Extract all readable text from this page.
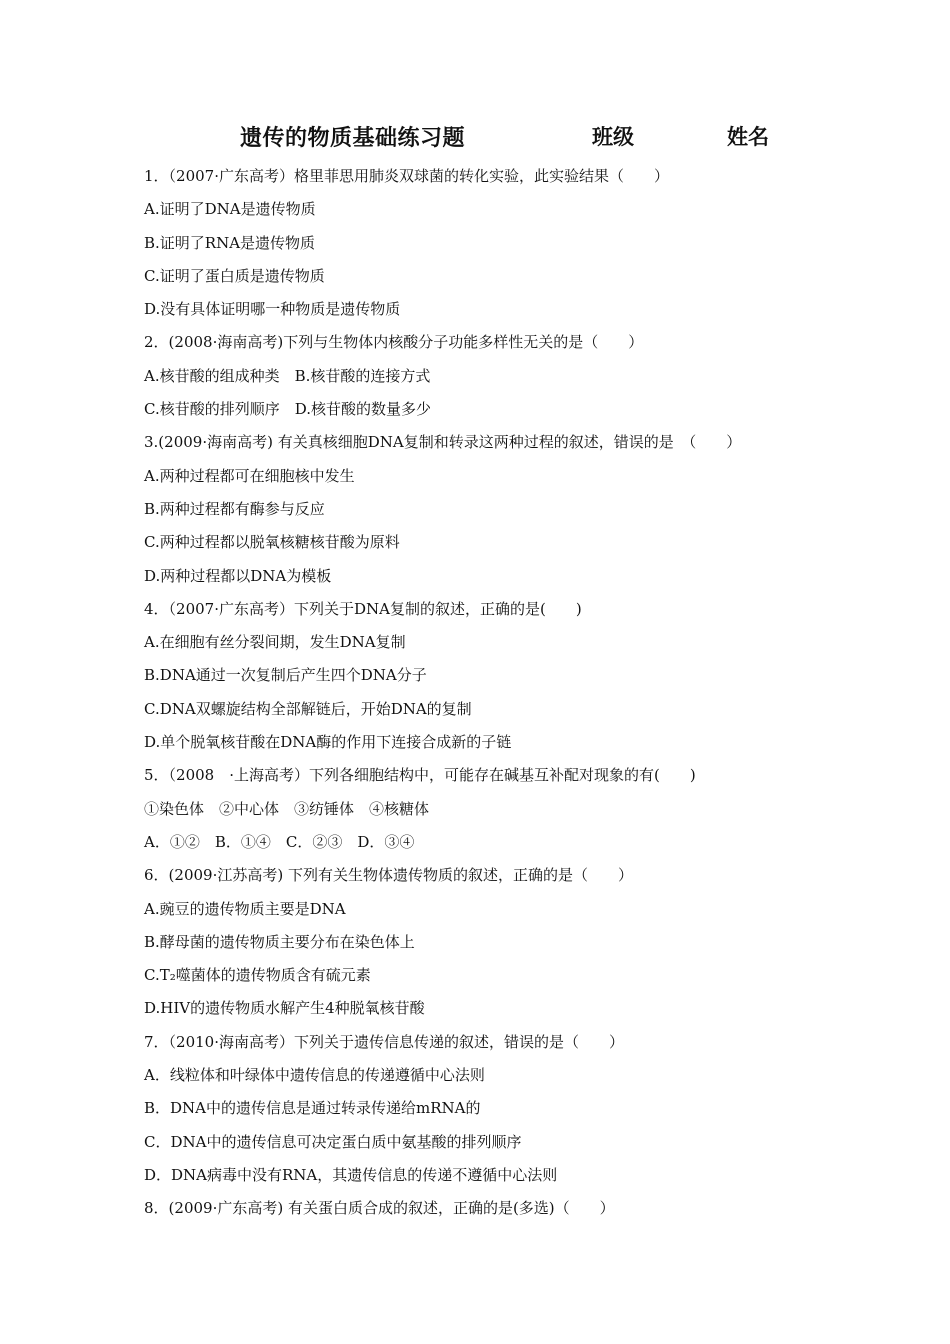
遗传的物质基础练习题	班级	姓名
1．（2007·广东高考）格里菲思用肺炎双球菌的转化实验，此实验结果（　　）
A.证明了DNA是遗传物质
B.证明了RNA是遗传物质
C.证明了蛋白质是遗传物质
D.没有具体证明哪一种物质是遗传物质
2．(2008·海南高考)下列与生物体内核酸分子功能多样性无关的是（　　）
A.核苷酸的组成种类　B.核苷酸的连接方式
C.核苷酸的排列顺序　D.核苷酸的数量多少
3.(2009·海南高考) 有关真核细胞DNA复制和转录这两种过程的叙述，错误的是　（　　）
A.两种过程都可在细胞核中发生
B.两种过程都有酶参与反应
C.两种过程都以脱氧核糖核苷酸为原料
D.两种过程都以DNA为模板
4．（2007·广东高考）下列关于DNA复制的叙述，正确的是(　　)
A.在细胞有丝分裂间期，发生DNA复制
B.DNA通过一次复制后产生四个DNA分子
C.DNA双螺旋结构全部解链后，开始DNA的复制
D.单个脱氧核苷酸在DNA酶的作用下连接合成新的子链
5．（2008　·上海高考）下列各细胞结构中，可能存在碱基互补配对现象的有(　　)
①染色体　②中心体　③纺锤体　④核糖体
A．①②　B．①④　C．②③　D．③④
6．(2009·江苏高考) 下列有关生物体遗传物质的叙述，正确的是（　　）
A.豌豆的遗传物质主要是DNA
B.酵母菌的遗传物质主要分布在染色体上
C.T₂噬菌体的遗传物质含有硫元素
D.HIV的遗传物质水解产生4种脱氧核苷酸
7．（2010·海南高考）下列关于遗传信息传递的叙述，错误的是（　　）
A．线粒体和叶绿体中遗传信息的传递遵循中心法则
B．DNA中的遗传信息是通过转录传递给mRNA的
C．DNA中的遗传信息可决定蛋白质中氨基酸的排列顺序
D．DNA病毒中没有RNA，其遗传信息的传递不遵循中心法则
8．(2009·广东高考) 有关蛋白质合成的叙述，正确的是(多选)（　　）
